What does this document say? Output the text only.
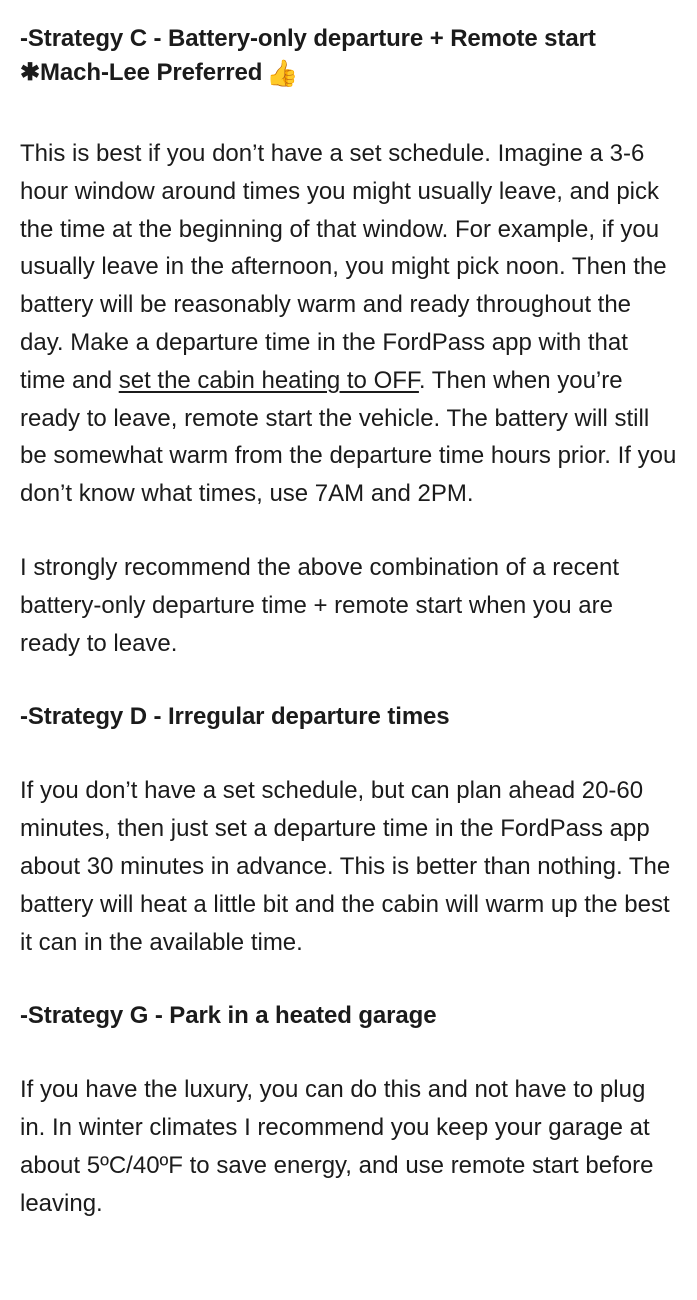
-Strategy C - Battery-only departure + Remote start
✱Mach-Lee Preferred 👍

This is best if you don’t have a set schedule. Imagine a 3-6 hour window around times you might usually leave, and pick the time at the beginning of that window. For example, if you usually leave in the afternoon, you might pick noon. Then the battery will be reasonably warm and ready throughout the day. Make a departure time in the FordPass app with that time and set the cabin heating to OFF. Then when you’re ready to leave, remote start the vehicle. The battery will still be somewhat warm from the departure time hours prior. If you don’t know what times, use 7AM and 2PM.

I strongly recommend the above combination of a recent battery-only departure time + remote start when you are ready to leave.

-Strategy D - Irregular departure times

If you don’t have a set schedule, but can plan ahead 20-60 minutes, then just set a departure time in the FordPass app about 30 minutes in advance. This is better than nothing. The battery will heat a little bit and the cabin will warm up the best it can in the available time.

-Strategy G - Park in a heated garage

If you have the luxury, you can do this and not have to plug in. In winter climates I recommend you keep your garage at about 5ºC/40ºF to save energy, and use remote start before leaving.
